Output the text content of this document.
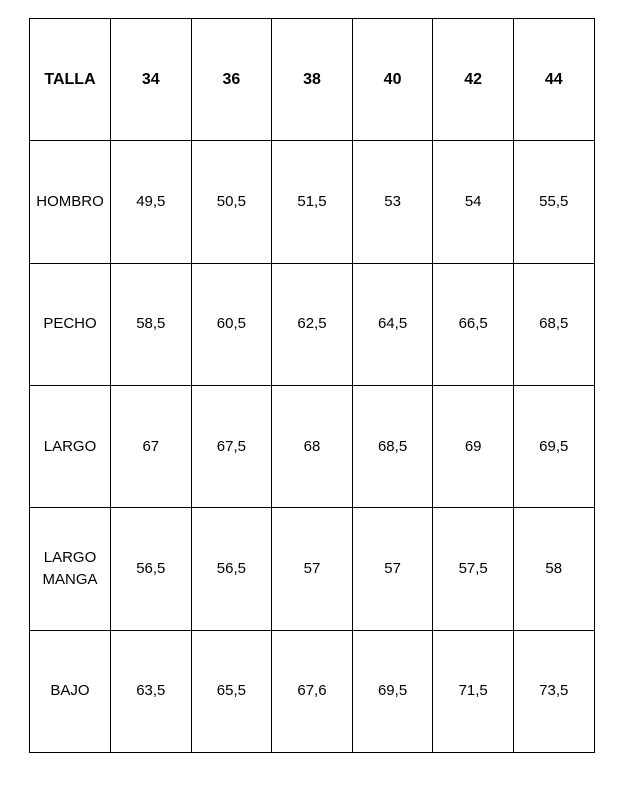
TALLA	34	36	38	40	42	44
HOMBRO	49,5	50,5	51,5	53	54	55,5
PECHO	58,5	60,5	62,5	64,5	66,5	68,5
LARGO	67	67,5	68	68,5	69	69,5
LARGO MANGA	56,5	56,5	57	57	57,5	58
BAJO	63,5	65,5	67,6	69,5	71,5	73,5
